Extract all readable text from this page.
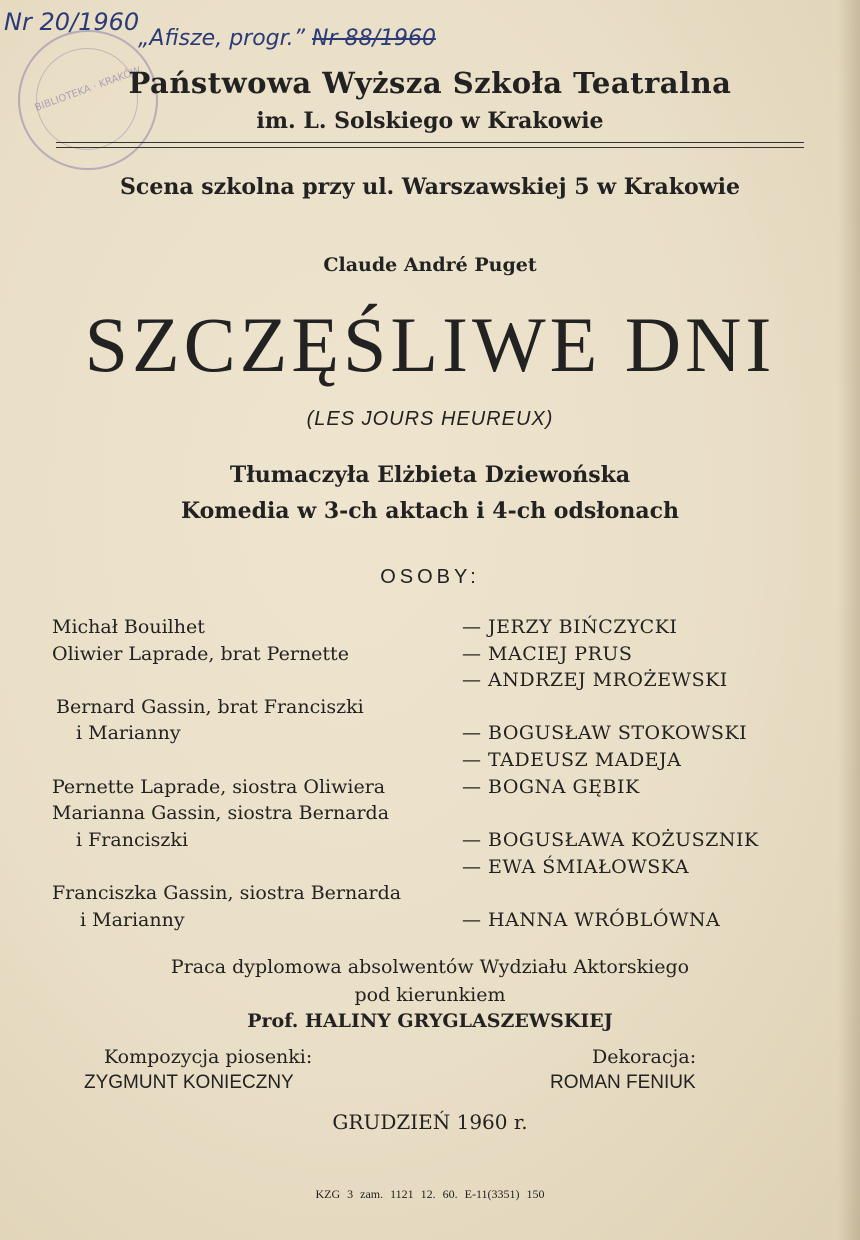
BIBLIOTEKA · KRAKÓW
Nr 20/1960
„Afisze, progr.” Nr 88/1960
Państwowa Wyższa Szkoła Teatralna
im. L. Solskiego w Krakowie
Scena szkolna przy ul. Warszawskiej 5 w Krakowie
Claude André Puget
SZCZĘŚLIWE DNI
(LES JOURS HEUREUX)
Tłumaczyła Elżbieta Dziewońska
Komedia w 3-ch aktach i 4-ch odsłonach
OSOBY:
Michał Bouilhet
Oliwier Laprade, brat Pernette
Bernard Gassin, brat Franciszki
i Marianny
Pernette Laprade, siostra Oliwiera
Marianna Gassin, siostra Bernarda
i Franciszki
Franciszka Gassin, siostra Bernarda
i Marianny
— JERZY BIŃCZYCKI
— MACIEJ PRUS
— ANDRZEJ MROŻEWSKI
— BOGUSŁAW STOKOWSKI
— TADEUSZ MADEJA
— BOGNA GĘBIK
— BOGUSŁAWA KOŻUSZNIK
— EWA ŚMIAŁOWSKA
— HANNA WRÓBLÓWNA
Praca dyplomowa absolwentów Wydziału Aktorskiego
pod kierunkiem
Prof. HALINY GRYGLASZEWSKIEJ
Kompozycja piosenki:
ZYGMUNT KONIECZNY
Dekoracja:
ROMAN FENIUK
GRUDZIEŃ 1960 r.
KZG 3 zam. 1121 12. 60. E-11(3351) 150
